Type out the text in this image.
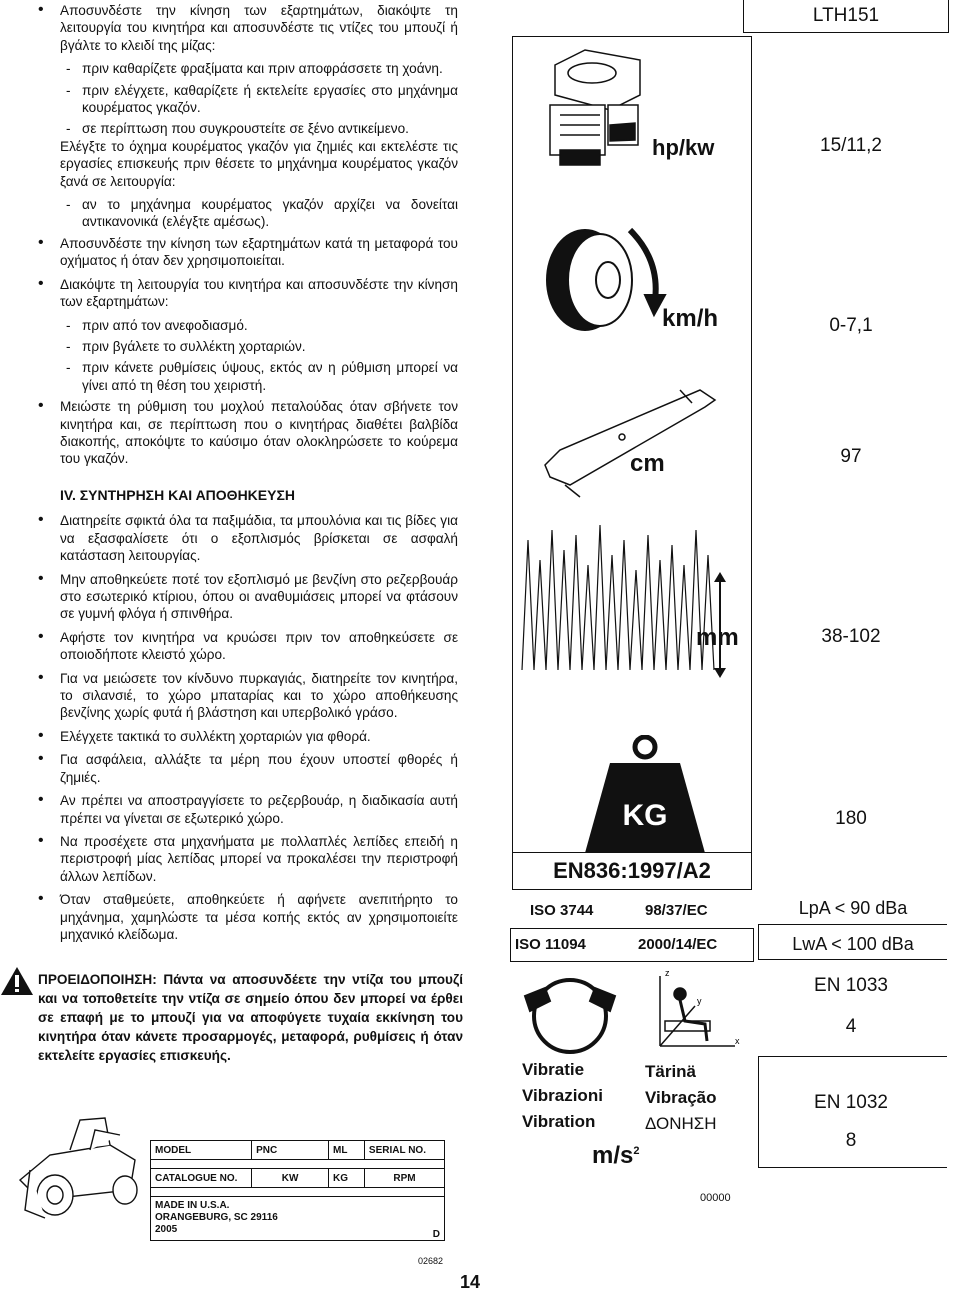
• Αποσυνδέστε την κίνηση των εξαρτημάτων, διακόψτε τη λειτουργία του κινητήρα και αποσυνδέστε τις ντίζες του μπουζί ή βγάλτε το κλειδί της μίζας:
- πριν καθαρίζετε φραξίματα και πριν αποφράσσετε τη χοάνη.
- πριν ελέγχετε, καθαρίζετε ή εκτελείτε εργασίες στο μηχάνημα κουρέματος γκαζόν.
- σε περίπτωση που συγκρουστείτε σε ξένο αντικείμενο.
Ελέγξτε το όχημα κουρέματος γκαζόν για ζημιές και εκτελέστε τις εργασίες επισκευής πριν θέσετε το μηχάνημα κουρέματος γκαζόν ξανά σε λειτουργία:
- αν το μηχάνημα κουρέματος γκαζόν αρχίζει να δονείται αντικανονικά (ελέγξτε αμέσως).
• Αποσυνδέστε την κίνηση των εξαρτημάτων κατά τη μεταφορά του οχήματος ή όταν δεν χρησιμοποιείται.
• Διακόψτε τη λειτουργία του κινητήρα και αποσυνδέστε την κίνηση των εξαρτημάτων:
- πριν από τον ανεφοδιασμό.
- πριν βγάλετε το συλλέκτη χορταριών.
- πριν κάνετε ρυθμίσεις ύψους, εκτός αν η ρύθμιση μπορεί να γίνει από τη θέση του χειριστή.
• Μειώστε τη ρύθμιση του μοχλού πεταλούδας όταν σβήνετε τον κινητήρα και, σε περίπτωση που ο κινητήρας διαθέτει βαλβίδα διακοπής, αποκόψτε το καύσιμο όταν ολοκληρώσετε το κούρεμα του γκαζόν.
IV. ΣΥΝΤΗΡΗΣΗ ΚΑΙ ΑΠΟΘΗΚΕΥΣΗ
• Διατηρείτε σφικτά όλα τα παξιμάδια, τα μπουλόνια και τις βίδες για να εξασφαλίσετε ότι ο εξοπλισμός βρίσκεται σε ασφαλή κατάσταση λειτουργίας.
• Μην αποθηκεύετε ποτέ τον εξοπλισμό με βενζίνη στο ρεζερβουάρ στο εσωτερικό κτίριου, όπου οι αναθυμιάσεις μπορεί να φτάσουν σε γυμνή φλόγα ή σπινθήρα.
• Αφήστε τον κινητήρα να κρυώσει πριν τον αποθηκεύσετε σε οποιοδήποτε κλειστό χώρο.
• Για να μειώσετε τον κίνδυνο πυρκαγιάς, διατηρείτε τον κινητήρα, το σιλανσιέ, το χώρο μπαταρίας και το χώρο αποθήκευσης βενζίνης χωρίς φυτά ή βλάστηση και υπερβολικό γράσο.
• Ελέγχετε τακτικά το συλλέκτη χορταριών για φθορά.
• Για ασφάλεια, αλλάξτε τα μέρη που έχουν υποστεί φθορές ή ζημιές.
• Αν πρέπει να αποστραγγίσετε το ρεζερβουάρ, η διαδικασία αυτή πρέπει να γίνεται σε εξωτερικό χώρο.
• Να προσέχετε στα μηχανήματα με πολλαπλές λεπίδες επειδή η περιστροφή μίας λεπίδας μπορεί να προκαλέσει την περιστροφή άλλων λεπίδων.
• Όταν σταθμεύετε, αποθηκεύετε ή αφήνετε ανεπιτήρητο το μηχάνημα, χαμηλώστε τα μέσα κοπής εκτός αν χρησιμοποιείτε μηχανικό κλείδωμα.
ΠΡΟΕΙΔΟΠΟΙΗΣΗ: Πάντα να αποσυνδέετε την ντίζα του μπουζί και να τοποθετείτε την ντίζα σε σημείο όπου δεν μπορεί να έρθει σε επαφή με το μπουζί για να αποφύγετε τυχαία εκκίνηση του κινητήρα όταν κάνετε προσαρμογές, μεταφορά, ρυθμίσεις ή όταν εκτελείτε εργασίες επισκευής.
MODEL	PNC	ML	SERIAL NO.

CATALOGUE NO.	KW	KG	RPM

MADE IN U.S.A.
ORANGEBURG, SC 29116
2005			D
02682
14
LTH151
hp/kw	15/11,2
km/h	0-7,1
cm	97
mm	38-102
KG	180
EN836:1997/A2
ISO 3744	98/37/EC
ISO 11094	2000/14/EC
LpA < 90 dBa
LwA < 100 dBa
z
y
x
Vibratie	Tärinä
Vibrazioni Vibração
Vibration	ΔΟΝΗΣΗ
$m/s^2$
EN 1033
4
EN 1032
8
00000
